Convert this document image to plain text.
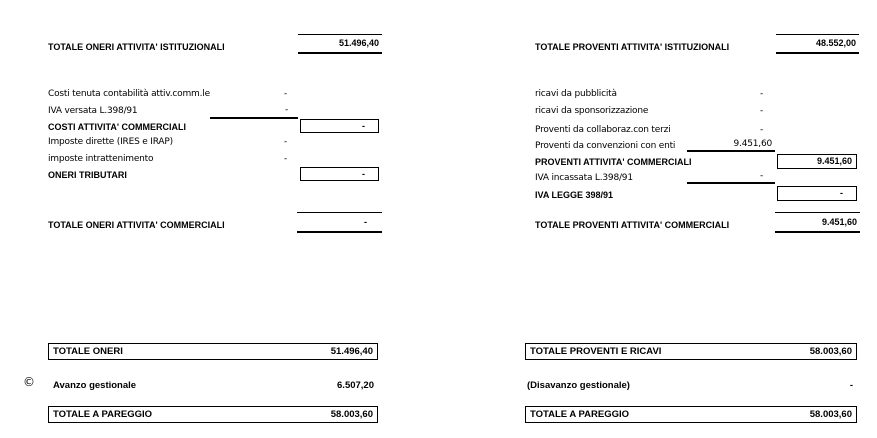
TOTALE ONERI ATTIVITA' ISTITUZIONALI	51.496,40
Costi tenuta contabilità attiv.comm.le	-
IVA versata L.398/91	-
COSTI ATTIVITA' COMMERCIALI	-
Imposte dirette (IRES e IRAP)	-
imposte intrattenimento	-
ONERI TRIBUTARI	-
TOTALE ONERI ATTIVITA' COMMERCIALI	-
TOTALE ONERI	51.496,40
© Avanzo gestionale	6.507,20
TOTALE A PAREGGIO	58.003,60
TOTALE PROVENTI ATTIVITA' ISTITUZIONALI	48.552,00
ricavi da pubblicità	-
ricavi da sponsorizzazione	-
Proventi da collaboraz.con terzi	-
Proventi da convenzioni con enti	9.451,60
PROVENTI ATTIVITA' COMMERCIALI	9.451,60
IVA incassata L.398/91	-
IVA LEGGE 398/91	-
TOTALE PROVENTI ATTIVITA' COMMERCIALI	9.451,60
TOTALE PROVENTI E RICAVI	58.003,60
(Disavanzo gestionale)	-
TOTALE A PAREGGIO	58.003,60
